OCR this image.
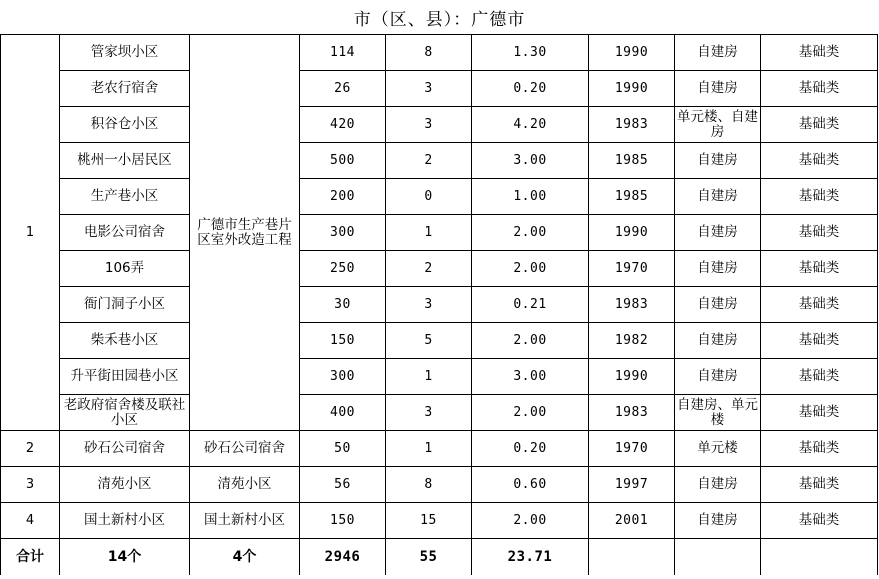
市（区、县）：广德市
1	管家坝小区	广德市生产巷片区室外改造工程	114	8	1.30	1990	自建房	基础类
	老农行宿舍		26	3	0.20	1990	自建房	基础类
	积谷仓小区		420	3	4.20	1983	单元楼、自建房	基础类
	桃州一小居民区		500	2	3.00	1985	自建房	基础类
	生产巷小区		200	0	1.00	1985	自建房	基础类
	电影公司宿舍		300	1	2.00	1990	自建房	基础类
	106弄		250	2	2.00	1970	自建房	基础类
	衙门洞子小区		30	3	0.21	1983	自建房	基础类
	柴禾巷小区		150	5	2.00	1982	自建房	基础类
	升平街田园巷小区		300	1	3.00	1990	自建房	基础类
	老政府宿舍楼及联社小区		400	3	2.00	1983	自建房、单元楼	基础类
2	砂石公司宿舍	砂石公司宿舍	50	1	0.20	1970	单元楼	基础类
3	清苑小区	清苑小区	56	8	0.60	1997	自建房	基础类
4	国土新村小区	国土新村小区	150	15	2.00	2001	自建房	基础类
合计	14个	4个	2946	55	23.71			
